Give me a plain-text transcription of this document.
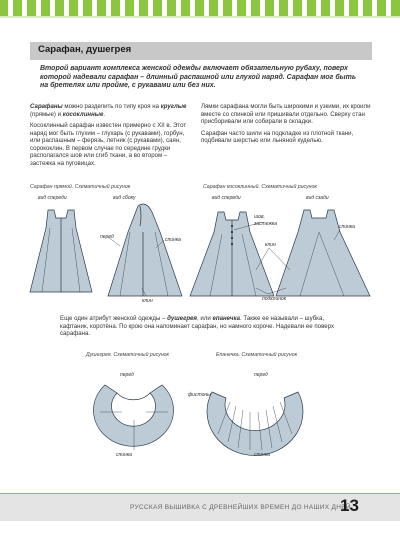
Сарафан, душегрея
Второй вариант комплекса женской одежды включает обязательную рубаху, поверх которой надевали сарафан – длинный распашной или глухой наряд. Сарафан мог быть на бретелях или пройме, с рукавами или без них.

Сарафаны можно разделить по типу кроя на круглые (прямые) и косоклинные.

Косоклинный сарафан известен примерно с XII в. Этот наряд мог быть глухим – глухарь (с рукавами), горбун, или распашным – ферязь, летник (с рукавами), саян, сорококлин. В первом случае по середине грудки располагался шов или сгиб ткани, а во втором – застежка на пуговицах.

Лямки сарафана могли быть широкими и узкими, их кроили вместе со спинкой или пришивали отдельно. Сверху стан присборивали или собирали в складки.

Сарафан часто шили на подкладке из плотной ткани, подбивали шерстью или льняной куделью.

Сарафан прямой. Схематичный рисунок
вид спереди	вид сбоку
перед	спинка
клин
Сарафан косоклинный. Схематичный рисунок
вид спереди	вид сзади
шов,
застежка
клин
спинка
подклинок
Еще один атрибут женской одежды – душегрея, или епанечка. Также ее называли – шубка, кафтаник, коротёна. По крою она напоминает сарафан, но намного короче. Надевали ее поверх сарафана.
Душегрея. Схематичный рисунок
перед
спинка
Епанечка. Схематичный рисунок
перед
фистоны
спинка
РУССКАЯ ВЫШИВКА С ДРЕВНЕЙШИХ ВРЕМЕН ДО НАШИХ ДНЕЙ
13
